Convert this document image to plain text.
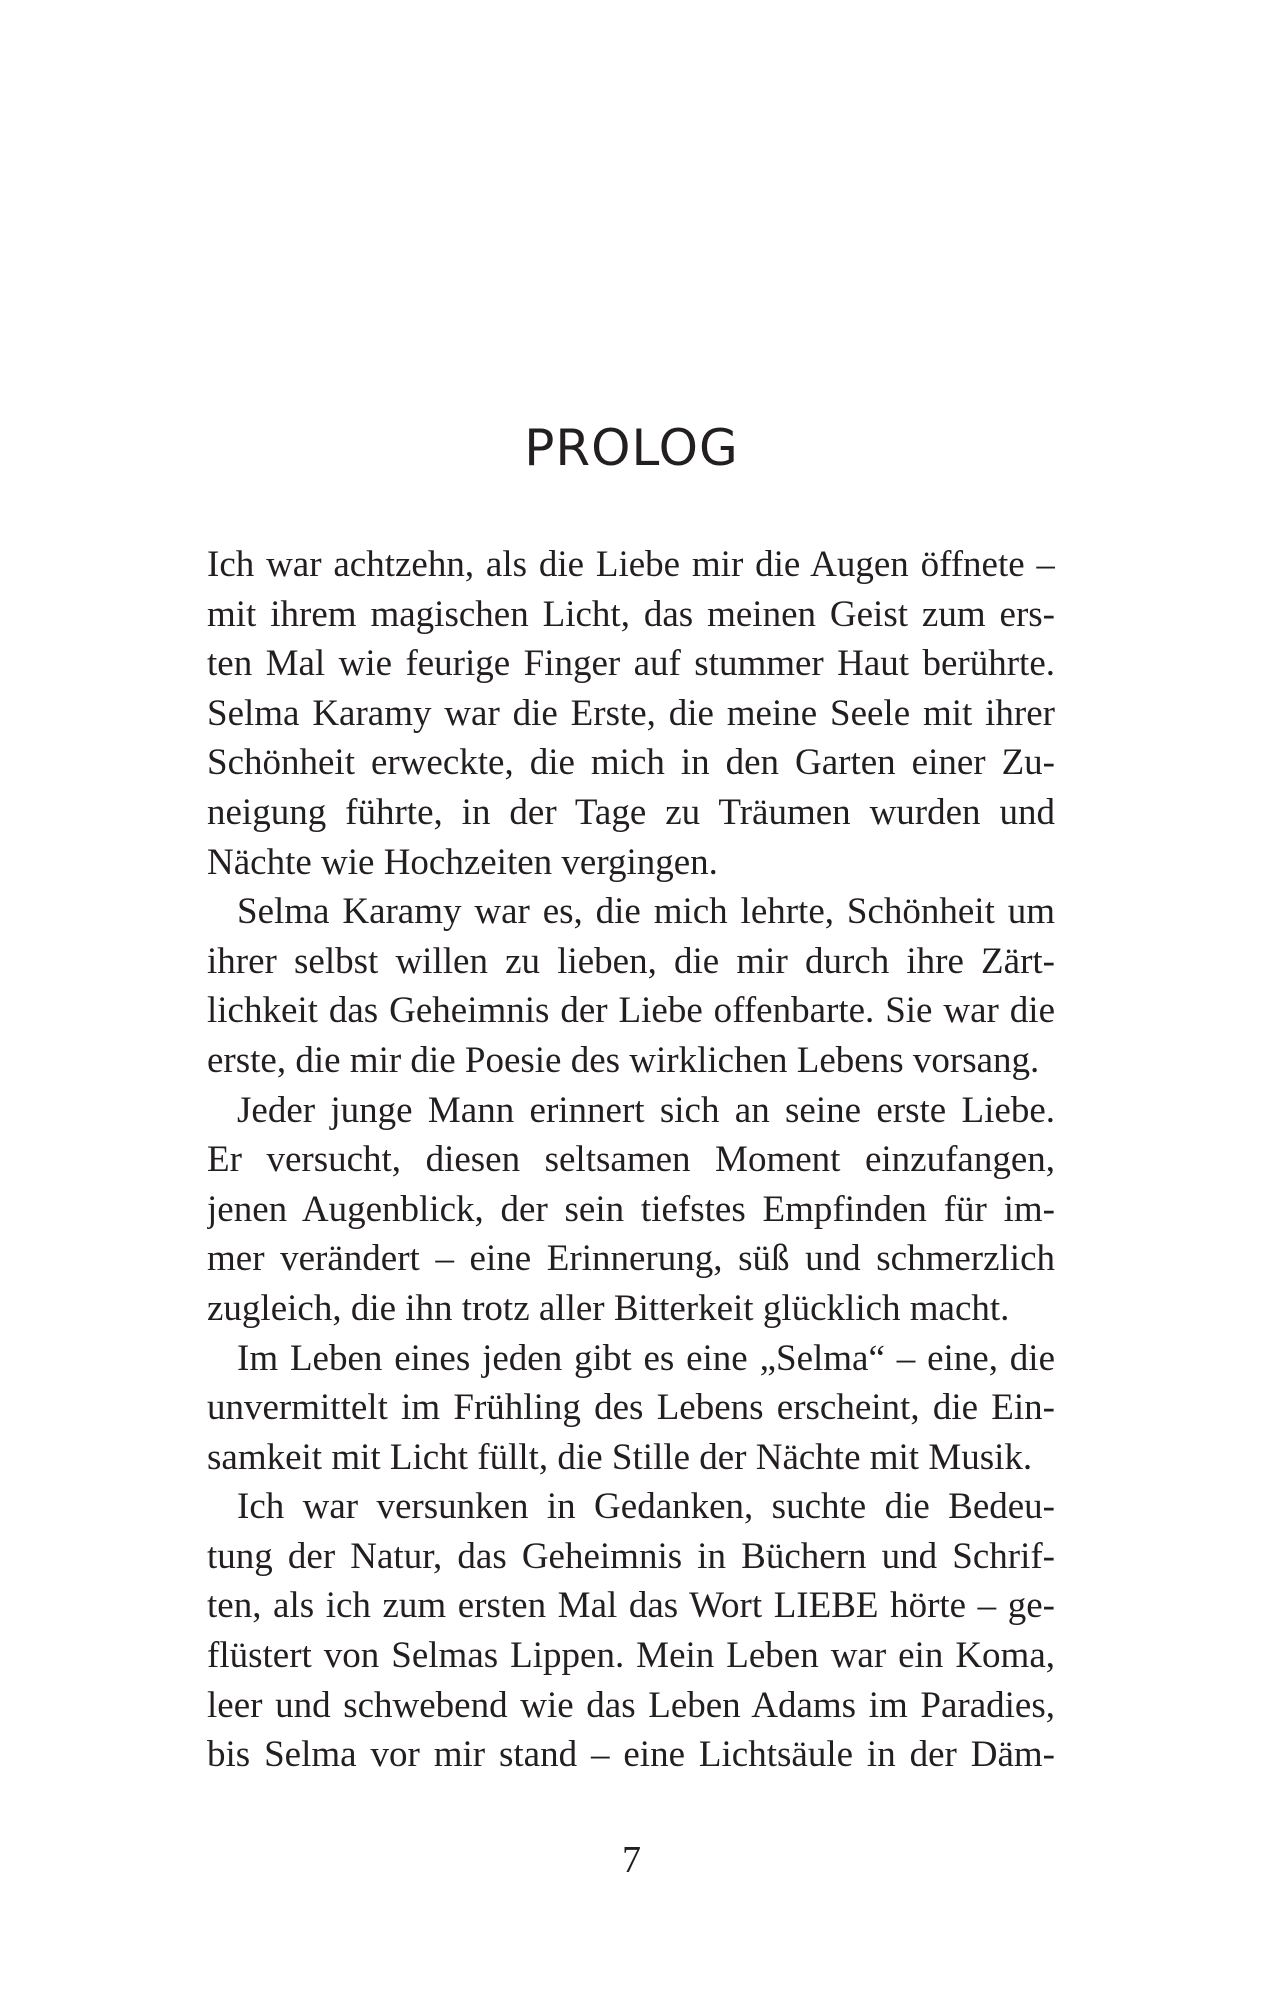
PROLOG
Ich war achtzehn, als die Liebe mir die Augen öffnete –
mit ihrem magischen Licht, das meinen Geist zum ers-
ten Mal wie feurige Finger auf stummer Haut berührte.
Selma Karamy war die Erste, die meine Seele mit ihrer
Schönheit erweckte, die mich in den Garten einer Zu-
neigung führte, in der Tage zu Träumen wurden und
Nächte wie Hochzeiten vergingen.
Selma Karamy war es, die mich lehrte, Schönheit um
ihrer selbst willen zu lieben, die mir durch ihre Zärt-
lichkeit das Geheimnis der Liebe offenbarte. Sie war die
erste, die mir die Poesie des wirklichen Lebens vorsang.
Jeder junge Mann erinnert sich an seine erste Liebe.
Er versucht, diesen seltsamen Moment einzufangen,
jenen Augenblick, der sein tiefstes Empfinden für im-
mer verändert – eine Erinnerung, süß und schmerzlich
zugleich, die ihn trotz aller Bitterkeit glücklich macht.
Im Leben eines jeden gibt es eine „Selma“ – eine, die
unvermittelt im Frühling des Lebens erscheint, die Ein-
samkeit mit Licht füllt, die Stille der Nächte mit Musik.
Ich war versunken in Gedanken, suchte die Bedeu-
tung der Natur, das Geheimnis in Büchern und Schrif-
ten, als ich zum ersten Mal das Wort LIEBE hörte – ge-
flüstert von Selmas Lippen. Mein Leben war ein Koma,
leer und schwebend wie das Leben Adams im Paradies,
bis Selma vor mir stand – eine Lichtsäule in der Däm-
7
